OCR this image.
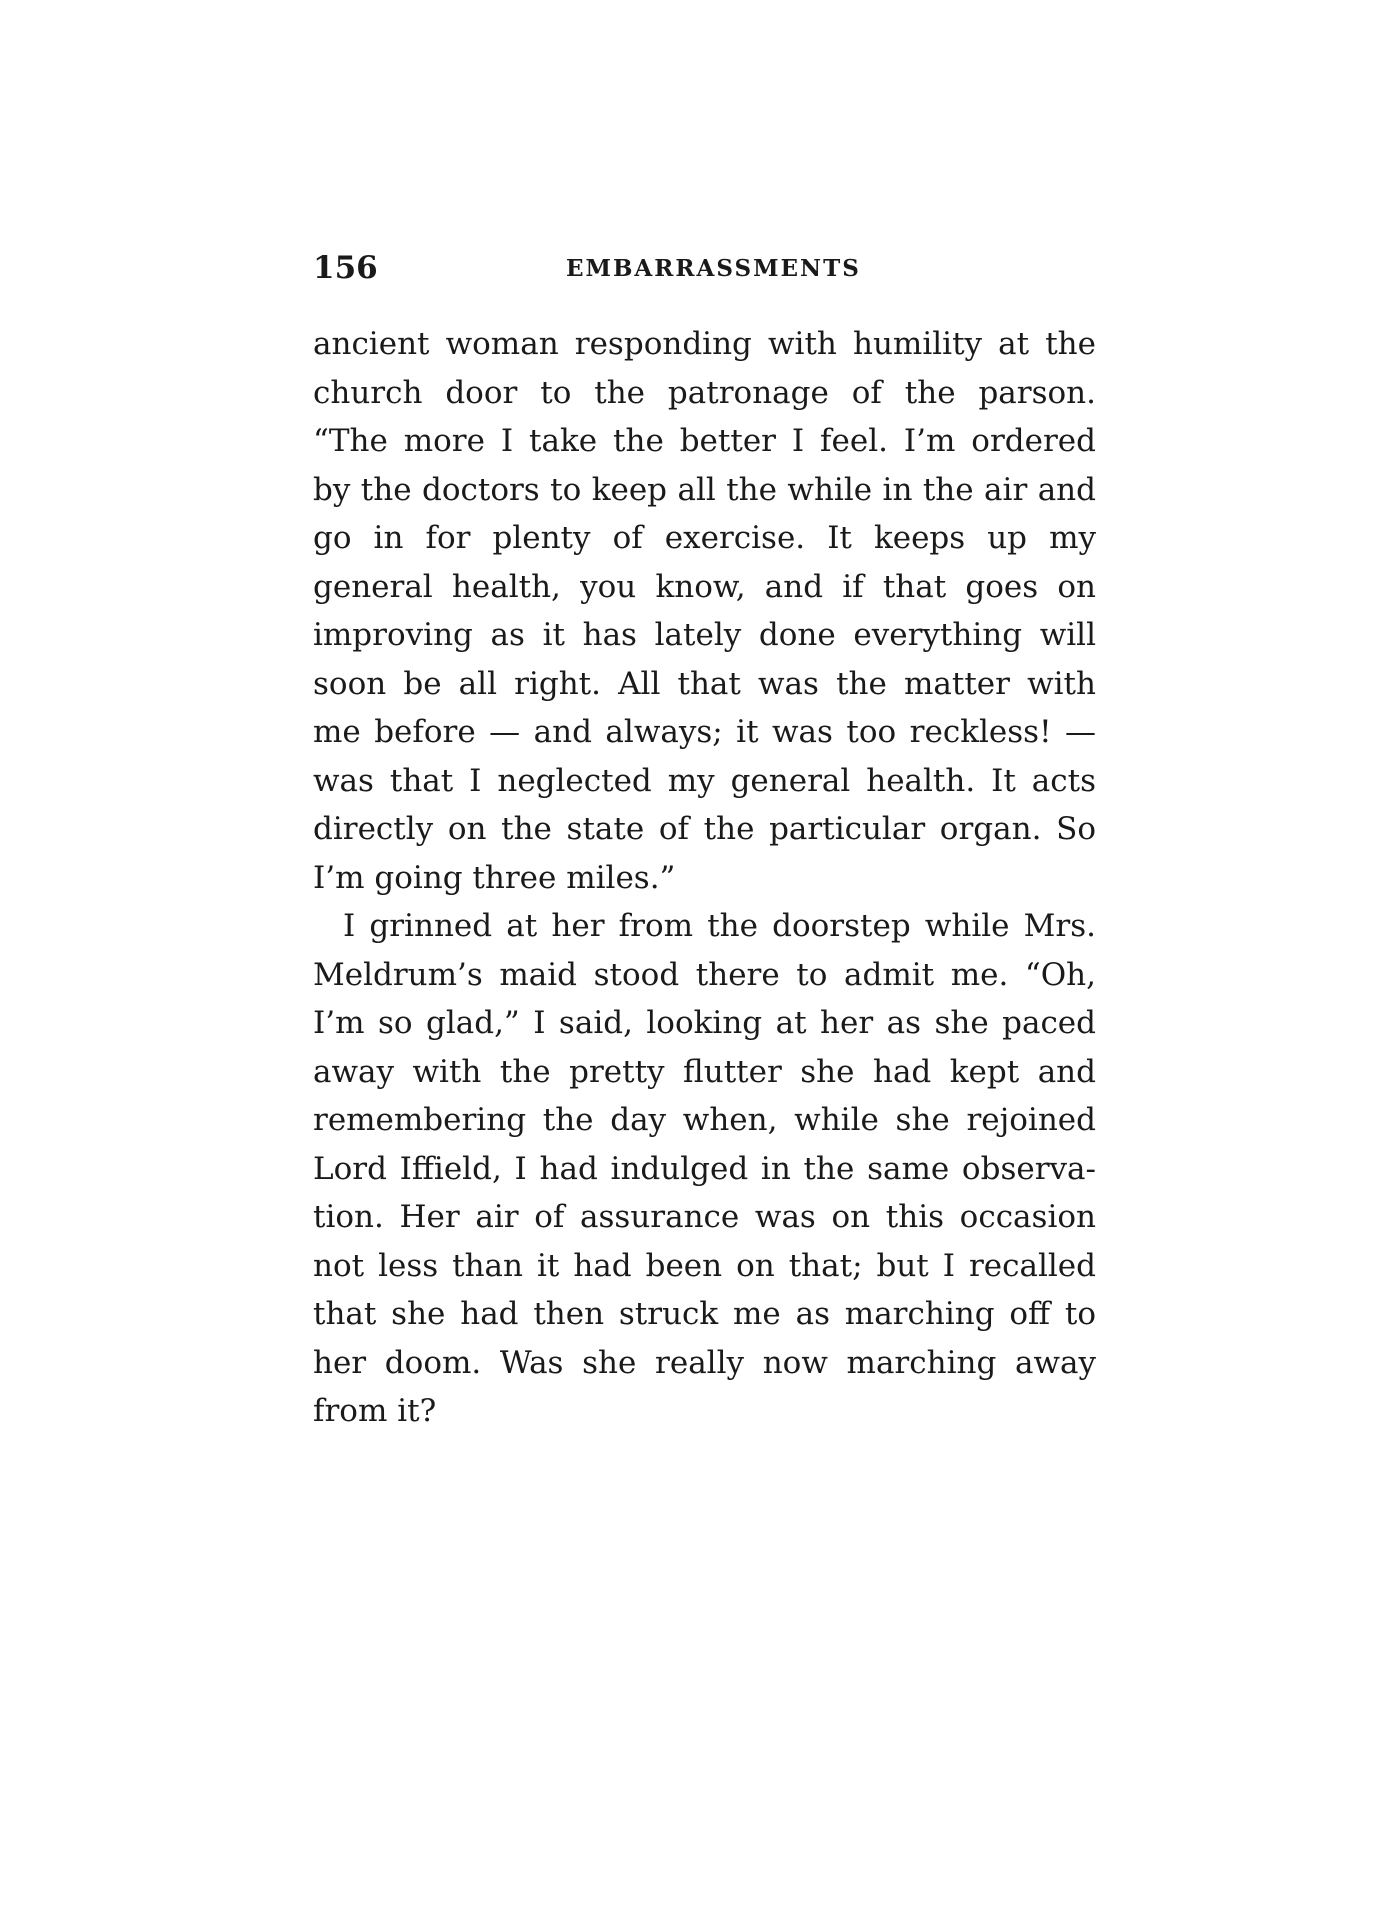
156	EMBARRASSMENTS
ancient woman responding with humility at the
church door to the patronage of the parson.
“The more I take the better I feel. I’m ordered
by the doctors to keep all the while in the air and
go in for plenty of exercise. It keeps up my
general health, you know, and if that goes on
improving as it has lately done everything will
soon be all right. All that was the matter with
me before — and always; it was too reckless! —
was that I neglected my general health. It acts
directly on the state of the particular organ. So
I’m going three miles.”
I grinned at her from the doorstep while Mrs.
Meldrum’s maid stood there to admit me. “Oh,
I’m so glad,” I said, looking at her as she paced
away with the pretty flutter she had kept and
remembering the day when, while she rejoined
Lord Iffield, I had indulged in the same observa-
tion. Her air of assurance was on this occasion
not less than it had been on that; but I recalled
that she had then struck me as marching off to
her doom. Was she really now marching away
from it?
